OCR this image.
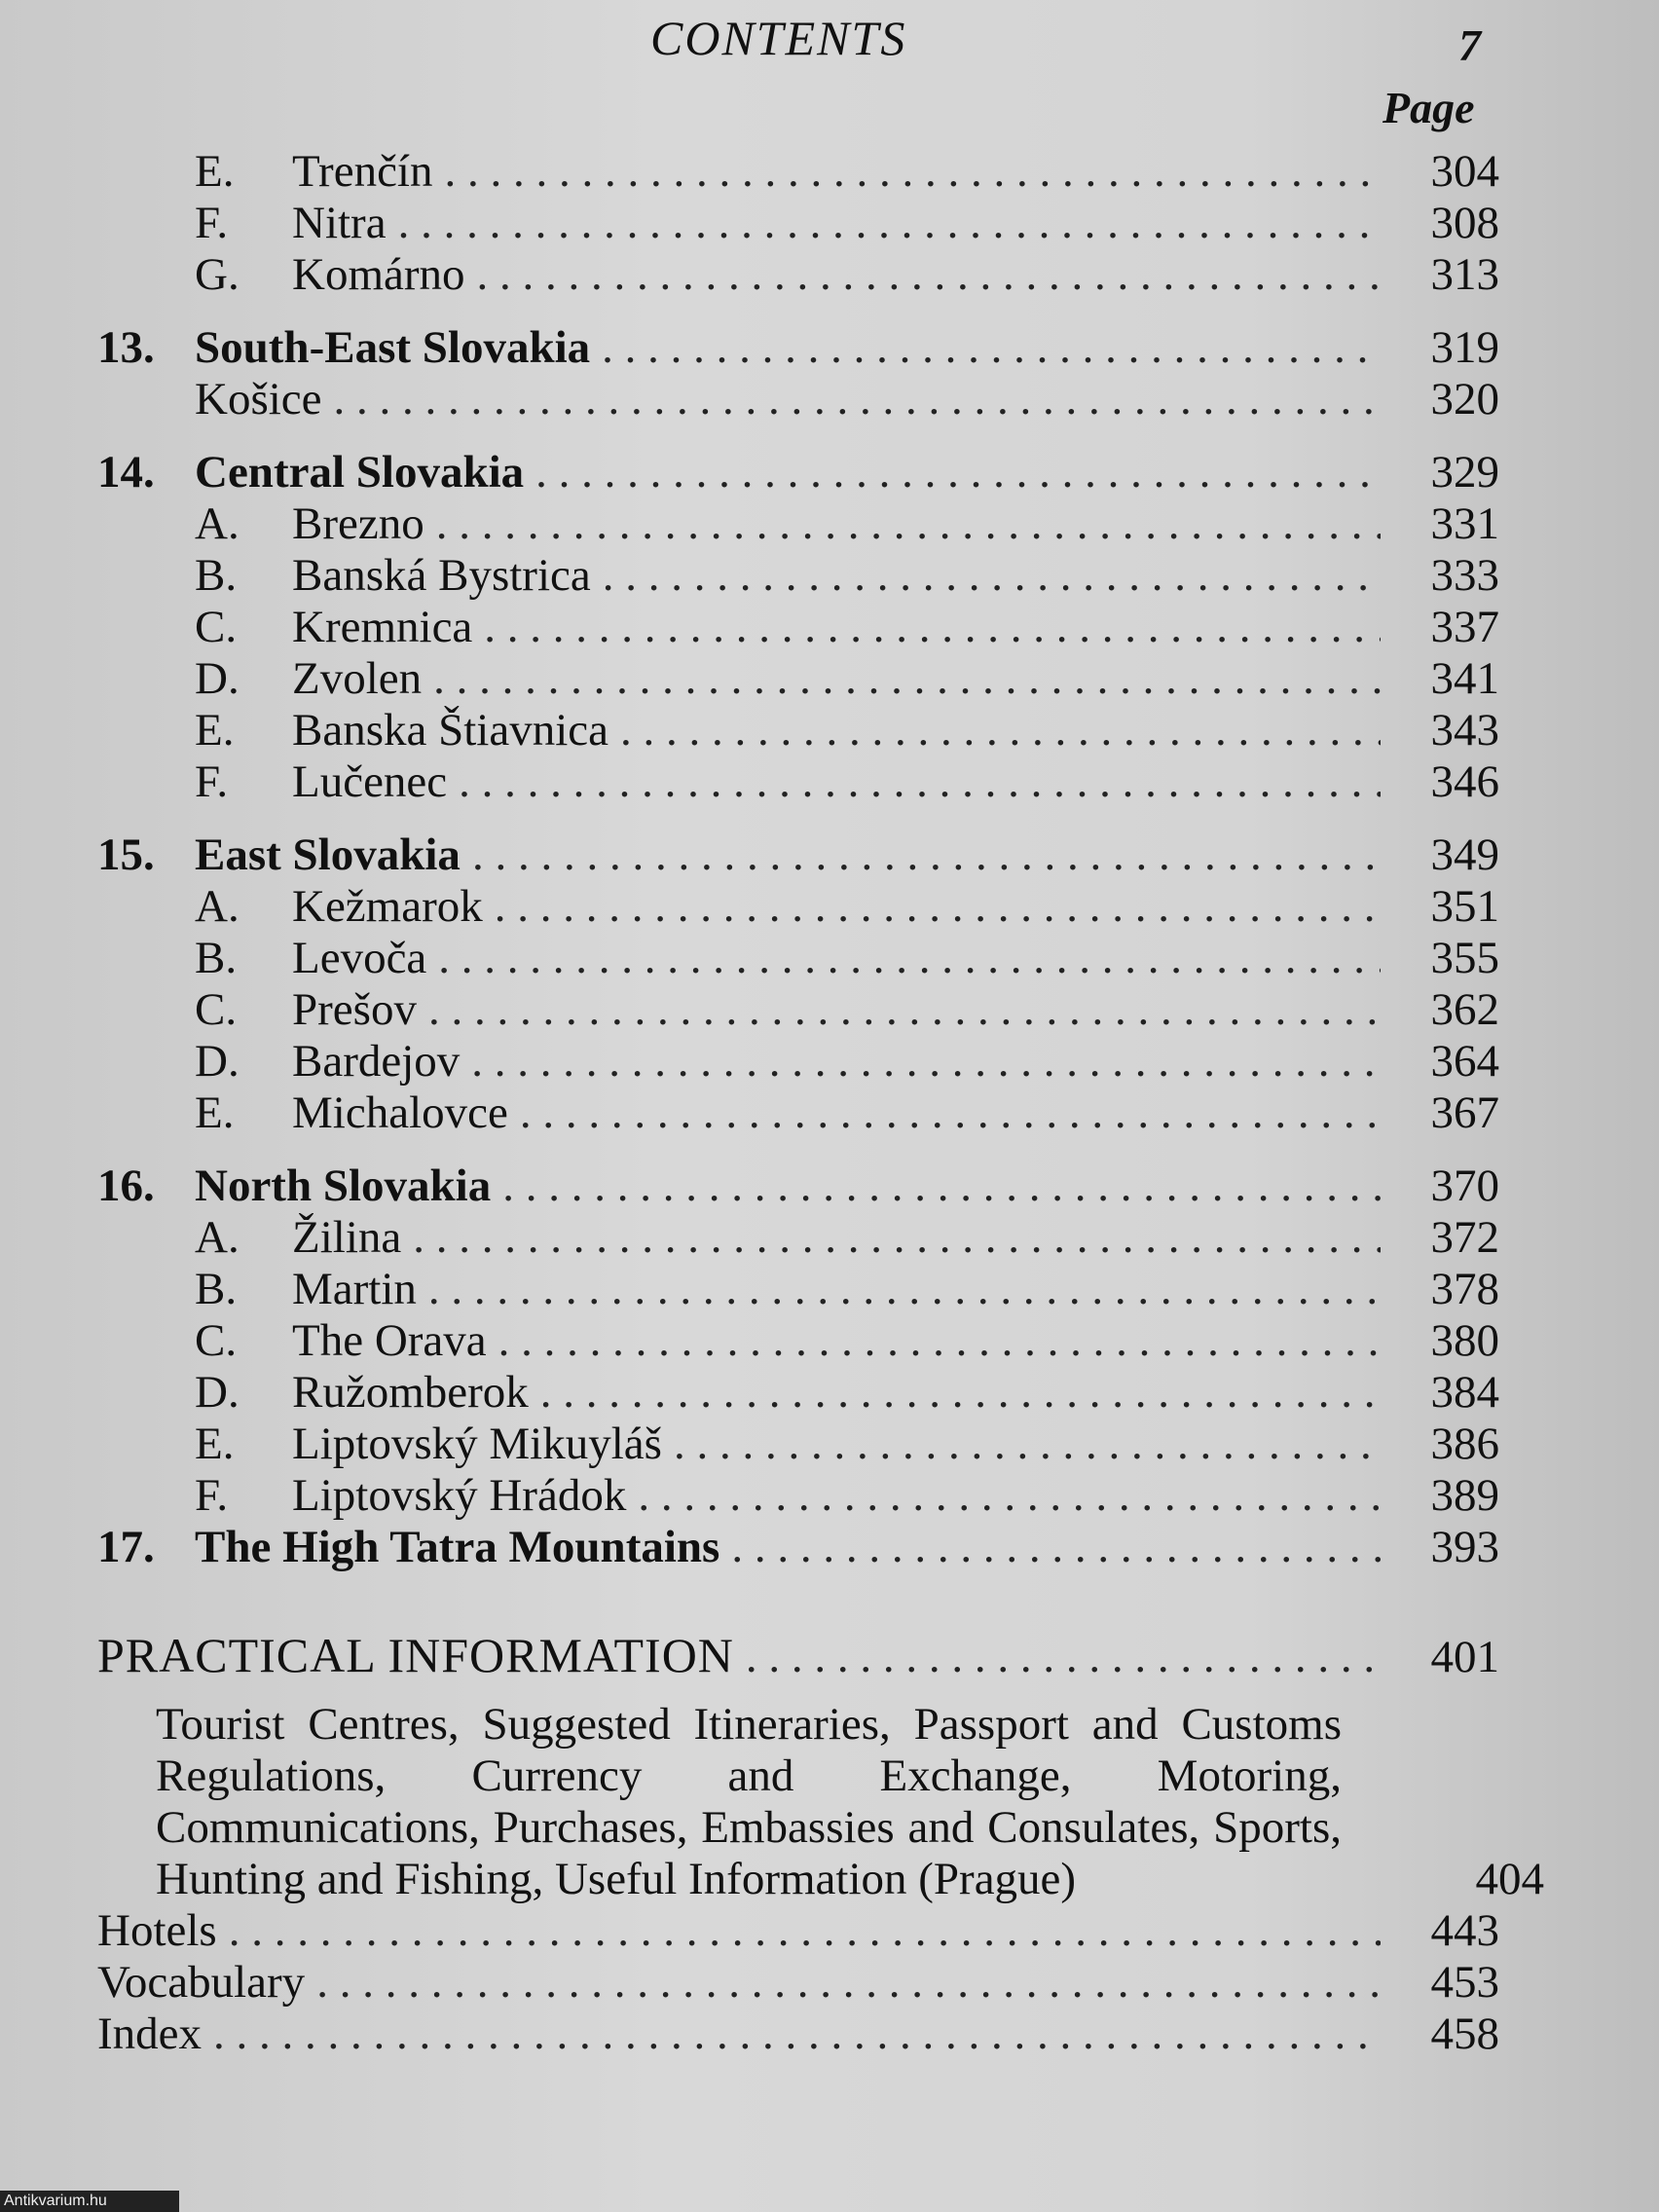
CONTENTS	7
Page
E.	Trenčín . . .	304
F.	Nitra . . .	308
G.	Komárno . . .	313
13. South-East Slovakia . . .	319
Košice . . .	320
14. Central Slovakia . . .	329
A.	Brezno . . .	331
B.	Banská Bystrica . . .	333
C.	Kremnica . . .	337
D.	Zvolen . . .	341
E.	Banska Štiavnica . . .	343
F.	Lučenec . . .	346
15. East Slovakia . . .	349
A.	Kežmarok . . .	351
B.	Levoča . . .	355
C.	Prešov . . .	362
D.	Bardejov . . .	364
E.	Michalovce . . .	367
16. North Slovakia . . .	370
A.	Žilina . . .	372
B.	Martin . . .	378
C.	The Orava . . .	380
D.	Ružomberok . . .	384
E.	Liptovský Mikuyláš . . .	386
F.	Liptovský Hrádok . . .	389
17. The High Tatra Mountains . . .	393
PRACTICAL INFORMATION . . .	401
Tourist Centres, Suggested Itineraries, Passport and Customs Regulations, Currency and Exchange, Motoring, Communications, Purchases, Embassies and Consulates, Sports, Hunting and Fishing, Useful Information (Prague)	404
Hotels . . .	443
Vocabulary . . .	453
Index . . .	458
Antikvarium.hu
